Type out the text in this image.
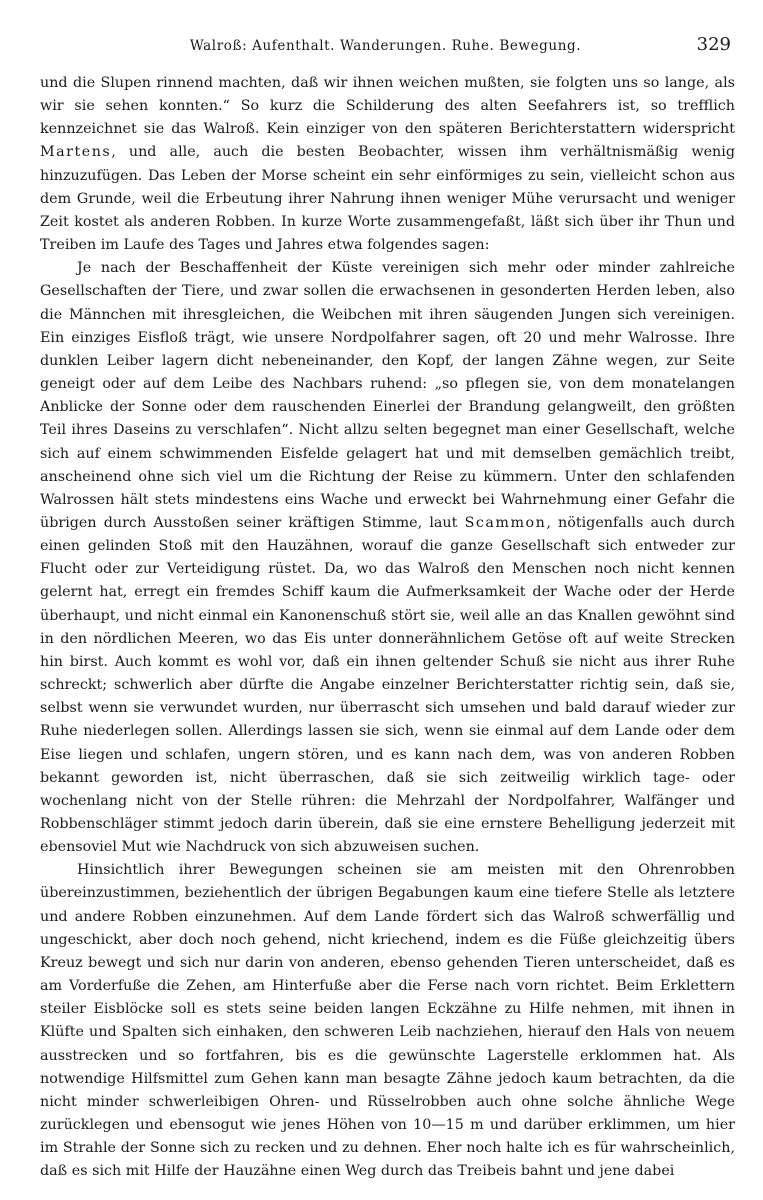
Walroß: Aufenthalt. Wanderungen. Ruhe. Bewegung.	329

und die Slupen rinnend machten, daß wir ihnen weichen mußten, sie folgten uns so lange, als wir sie sehen konnten.“ So kurz die Schilderung des alten Seefahrers ist, so trefflich kennzeichnet sie das Walroß. Kein einziger von den späteren Berichterstattern widerspricht Martens, und alle, auch die besten Beobachter, wissen ihm verhältnismäßig wenig hinzuzufügen. Das Leben der Morse scheint ein sehr einförmiges zu sein, vielleicht schon aus dem Grunde, weil die Erbeutung ihrer Nahrung ihnen weniger Mühe verursacht und weniger Zeit kostet als anderen Robben. In kurze Worte zusammengefaßt, läßt sich über ihr Thun und Treiben im Laufe des Tages und Jahres etwa folgendes sagen:

Je nach der Beschaffenheit der Küste vereinigen sich mehr oder minder zahlreiche Gesellschaften der Tiere, und zwar sollen die erwachsenen in gesonderten Herden leben, also die Männchen mit ihresgleichen, die Weibchen mit ihren säugenden Jungen sich vereinigen. Ein einziges Eisfloß trägt, wie unsere Nordpolfahrer sagen, oft 20 und mehr Walrosse. Ihre dunklen Leiber lagern dicht nebeneinander, den Kopf, der langen Zähne wegen, zur Seite geneigt oder auf dem Leibe des Nachbars ruhend: „so pflegen sie, von dem monatelangen Anblicke der Sonne oder dem rauschenden Einerlei der Brandung gelangweilt, den größten Teil ihres Daseins zu verschlafen“. Nicht allzu selten begegnet man einer Gesellschaft, welche sich auf einem schwimmenden Eisfelde gelagert hat und mit demselben gemächlich treibt, anscheinend ohne sich viel um die Richtung der Reise zu kümmern. Unter den schlafenden Walrossen hält stets mindestens eins Wache und erweckt bei Wahrnehmung einer Gefahr die übrigen durch Ausstoßen seiner kräftigen Stimme, laut Scammon, nötigenfalls auch durch einen gelinden Stoß mit den Hauzähnen, worauf die ganze Gesellschaft sich entweder zur Flucht oder zur Verteidigung rüstet. Da, wo das Walroß den Menschen noch nicht kennen gelernt hat, erregt ein fremdes Schiff kaum die Aufmerksamkeit der Wache oder der Herde überhaupt, und nicht einmal ein Kanonenschuß stört sie, weil alle an das Knallen gewöhnt sind in den nördlichen Meeren, wo das Eis unter donnerähnlichem Getöse oft auf weite Strecken hin birst. Auch kommt es wohl vor, daß ein ihnen geltender Schuß sie nicht aus ihrer Ruhe schreckt; schwerlich aber dürfte die Angabe einzelner Berichterstatter richtig sein, daß sie, selbst wenn sie verwundet wurden, nur überrascht sich umsehen und bald darauf wieder zur Ruhe niederlegen sollen. Allerdings lassen sie sich, wenn sie einmal auf dem Lande oder dem Eise liegen und schlafen, ungern stören, und es kann nach dem, was von anderen Robben bekannt geworden ist, nicht überraschen, daß sie sich zeitweilig wirklich tage- oder wochenlang nicht von der Stelle rühren: die Mehrzahl der Nordpolfahrer, Walfänger und Robbenschläger stimmt jedoch darin überein, daß sie eine ernstere Behelligung jederzeit mit ebensoviel Mut wie Nachdruck von sich abzuweisen suchen.

Hinsichtlich ihrer Bewegungen scheinen sie am meisten mit den Ohrenrobben übereinzustimmen, beziehentlich der übrigen Begabungen kaum eine tiefere Stelle als letztere und andere Robben einzunehmen. Auf dem Lande fördert sich das Walroß schwerfällig und ungeschickt, aber doch noch gehend, nicht kriechend, indem es die Füße gleichzeitig übers Kreuz bewegt und sich nur darin von anderen, ebenso gehenden Tieren unterscheidet, daß es am Vorderfuße die Zehen, am Hinterfuße aber die Ferse nach vorn richtet. Beim Erklettern steiler Eisblöcke soll es stets seine beiden langen Eckzähne zu Hilfe nehmen, mit ihnen in Klüfte und Spalten sich einhaken, den schweren Leib nachziehen, hierauf den Hals von neuem ausstrecken und so fortfahren, bis es die gewünschte Lagerstelle erklommen hat. Als notwendige Hilfsmittel zum Gehen kann man besagte Zähne jedoch kaum betrachten, da die nicht minder schwerleibigen Ohren- und Rüsselrobben auch ohne solche ähnliche Wege zurücklegen und ebensogut wie jenes Höhen von 10—15 m und darüber erklimmen, um hier im Strahle der Sonne sich zu recken und zu dehnen. Eher noch halte ich es für wahrscheinlich, daß es sich mit Hilfe der Hauzähne einen Weg durch das Treibeis bahnt und jene dabei
